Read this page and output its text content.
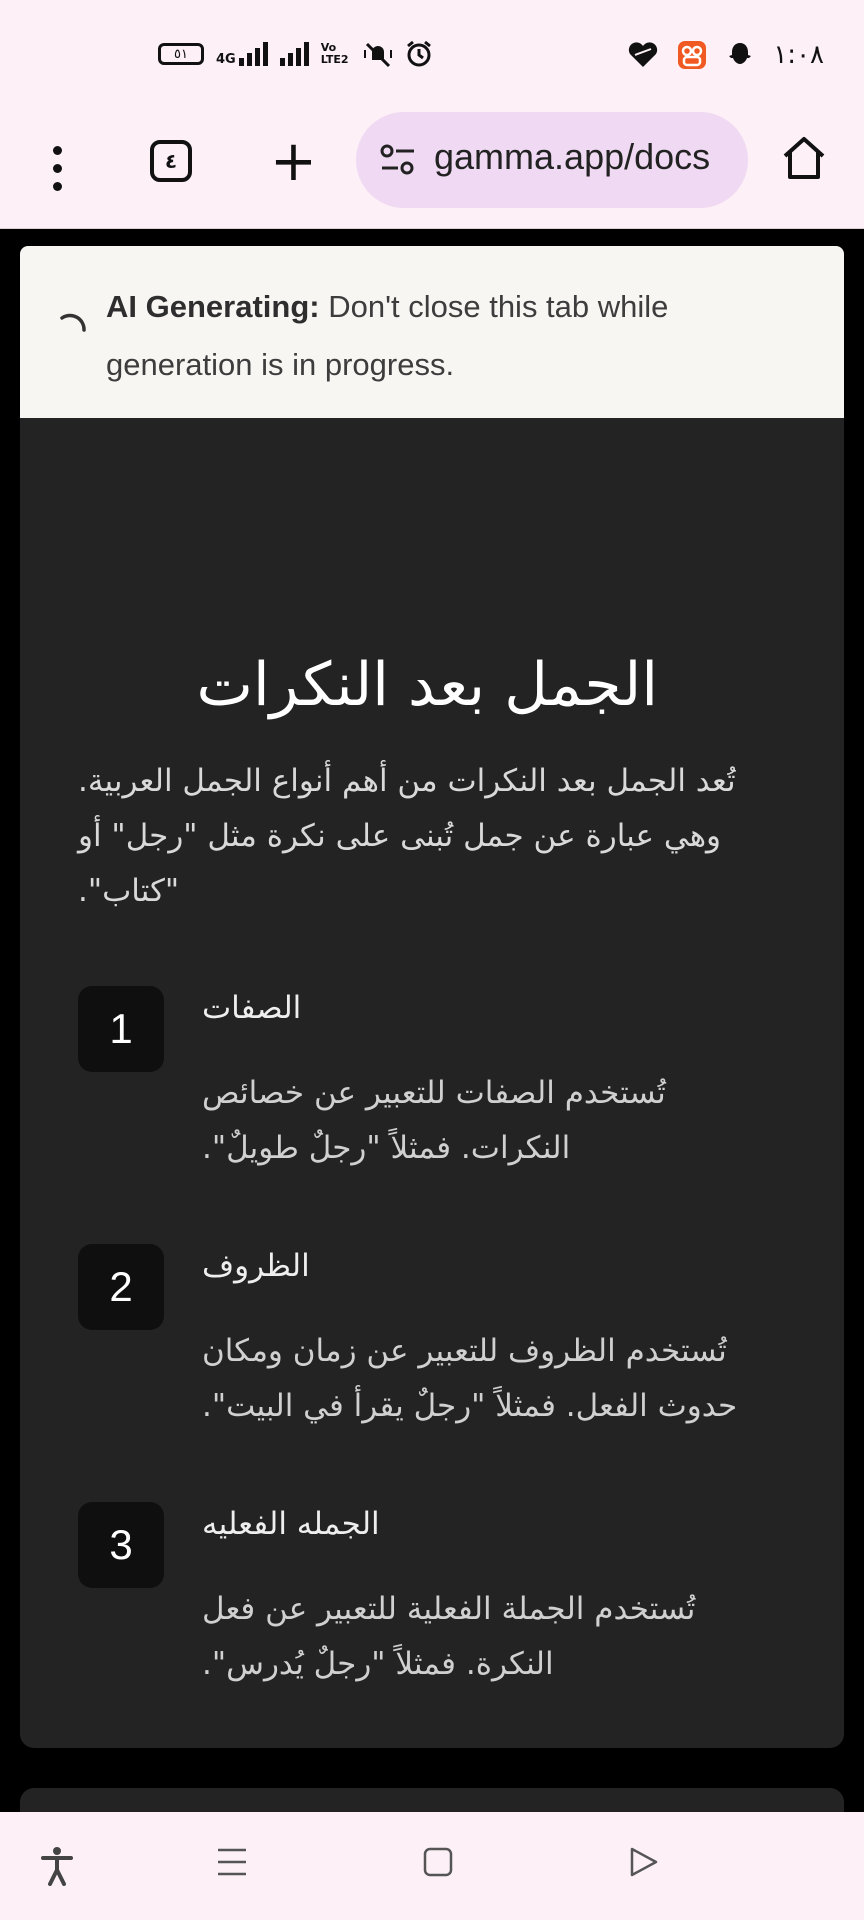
٥١ 4G
Vo LTE2	١:٠٨
٤ +	gamma.app/docs
AI Generating: Don't close this tab while generation is in progress.
الجمل بعد النكرات
تُعد الجمل بعد النكرات من أهم أنواع الجمل العربية. وهي عبارة عن جمل تُبنى على نكرة مثل "رجل" أو "كتاب".
1	الصفات
تُستخدم الصفات للتعبير عن خصائص النكرات. فمثلاً "رجلٌ طويلٌ".
2	الظروف
تُستخدم الظروف للتعبير عن زمان ومكان حدوث الفعل. فمثلاً "رجلٌ يقرأ في البيت".
3	الجمله الفعليه
تُستخدم الجملة الفعلية للتعبير عن فعل النكرة. فمثلاً "رجلٌ يُدرس".
